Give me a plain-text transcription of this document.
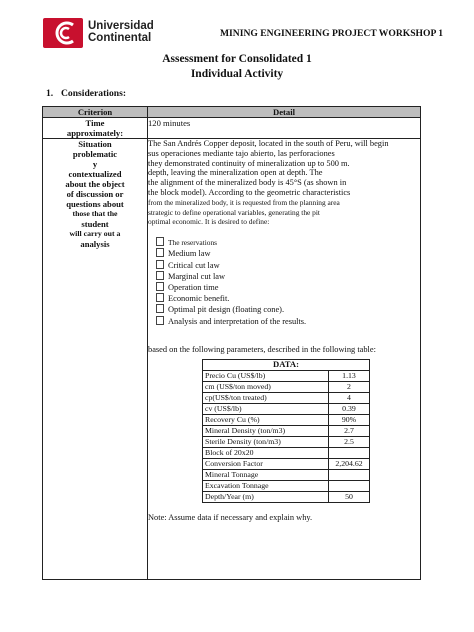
Universidad
Continental	MINING ENGINEERING PROJECT WORKSHOP 1
Assessment for Consolidated 1
Individual Activity
1. Considerations:
Criterion	Detail

Time
approximately:
	120 minutes

Situation
problematic
y
contextualized
about the object
of discussion or
questions about
those that the
student
will carry out a
analysis

The San Andrés Copper deposit, located in the south of Peru, will begin
sus operaciones mediante tajo abierto, las perforaciones
they demonstrated continuity of mineralization up to 500 m.
depth, leaving the mineralization open at depth. The
the alignment of the mineralized body is 45°S (as shown in
the block model). According to the geometric characteristics
from the mineralized body, it is requested from the planning area
strategic to define operational variables, generating the pit
optimal economic. It is desired to define:
The reservations
Medium law
Critical cut law
Marginal cut law
Operation time
Economic benefit.
Optimal pit design (floating cone).
Analysis and interpretation of the results.
based on the following parameters, described in the following table:
DATA:
Precio Cu (US$/lb)	1.13
cm (US$/ton moved)	2
cp(US$/ton treated)	4
cv (US$/lb)	0.39
Recovery Cu (%)	90%
Mineral Density (ton/m3)	2.7
Sterile Density (ton/m3)	2.5
Block of 20x20	
Conversion Factor	2,204.62
Mineral Tonnage	
Excavation Tonnage	
Depth/Year (m)	50
Note: Assume data if necessary and explain why.
